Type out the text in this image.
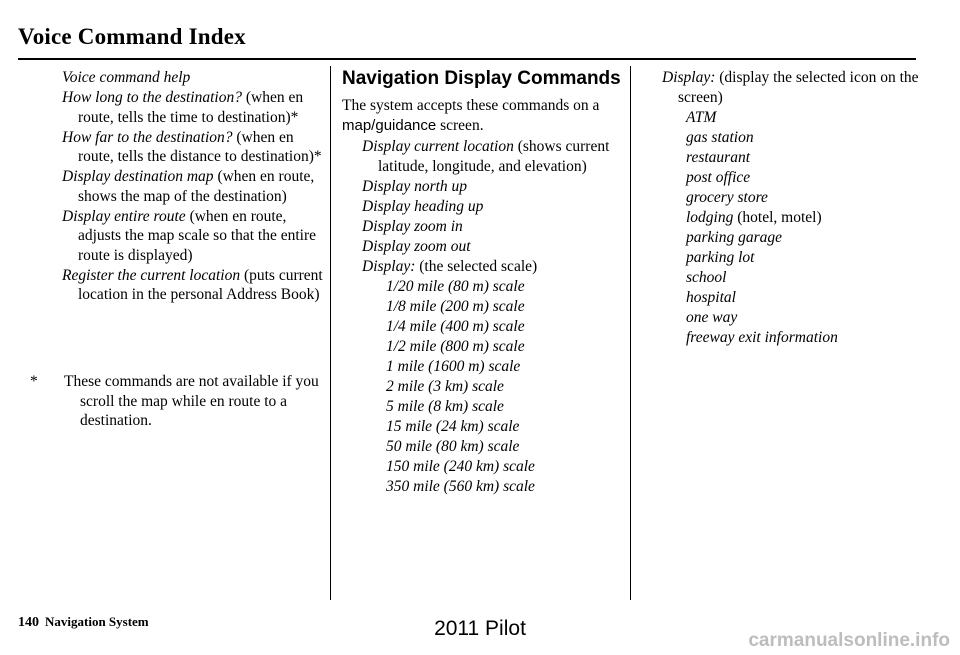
Voice Command Index
Voice command help
How long to the destination? (when en route, tells the time to destination)*
How far to the destination? (when en route, tells the distance to destination)*
Display destination map (when en route, shows the map of the destination)
Display entire route (when en route, adjusts the map scale so that the entire route is displayed)
Register the current location (puts current location in the personal Address Book)
* These commands are not available if you scroll the map while en route to a destination.
Navigation Display Commands
The system accepts these commands on a map/guidance screen.
Display current location (shows current latitude, longitude, and elevation)
Display north up
Display heading up
Display zoom in
Display zoom out
Display: (the selected scale)
1/20 mile (80 m) scale
1/8 mile (200 m) scale
1/4 mile (400 m) scale
1/2 mile (800 m) scale
1 mile (1600 m) scale
2 mile (3 km) scale
5 mile (8 km) scale
15 mile (24 km) scale
50 mile (80 km) scale
150 mile (240 km) scale
350 mile (560 km) scale
Display: (display the selected icon on the screen)
ATM
gas station
restaurant
post office
grocery store
lodging (hotel, motel)
parking garage
parking lot
school
hospital
one way
freeway exit information
140 Navigation System	2011 Pilot
carmanualsonline.info
